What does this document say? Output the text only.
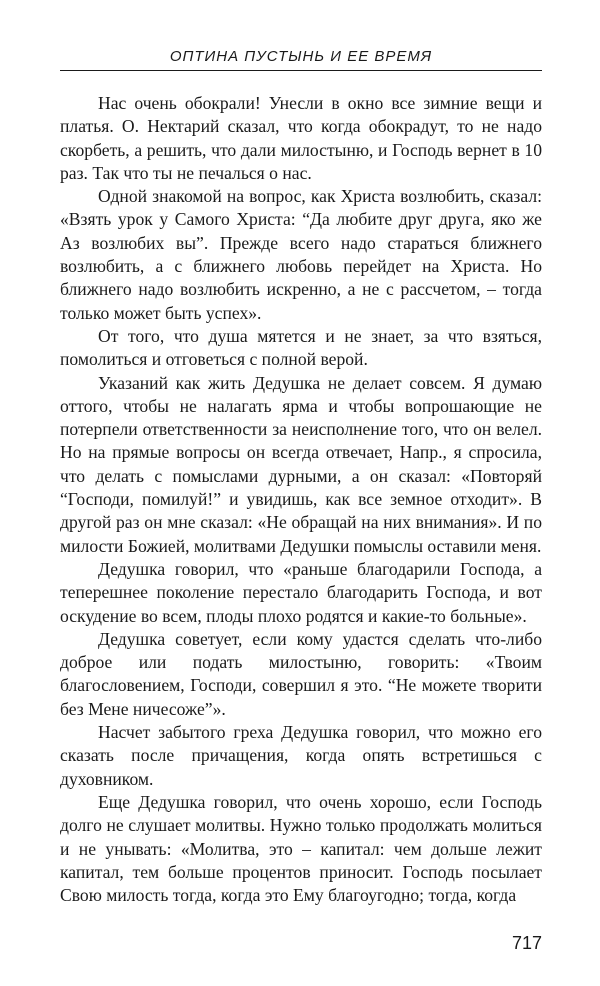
ОПТИНА ПУСТЫНЬ И ЕЕ ВРЕМЯ

Нас очень обокрали! Унесли в окно все зимние вещи и платья. О. Нектарий сказал, что когда обокрадут, то не надо скорбеть, а решить, что дали милостыню, и Господь вернет в 10 раз. Так что ты не печалься о нас.

Одной знакомой на вопрос, как Христа возлюбить, сказал: «Взять урок у Самого Христа: “Да любите друг друга, яко же Аз возлюбих вы”. Прежде всего надо стараться ближнего возлюбить, а с ближнего любовь перейдет на Христа. Но ближнего надо возлюбить искренно, а не с рассчетом, – тогда только может быть успех».

От того, что душа мятется и не знает, за что взяться, помолиться и отговеться с полной верой.

Указаний как жить Дедушка не делает совсем. Я думаю оттого, чтобы не налагать ярма и чтобы вопрошающие не потерпели ответственности за неисполнение того, что он велел. Но на прямые вопросы он всегда отвечает, Напр., я спросила, что делать с помыслами дурными, а он сказал: «Повторяй “Господи, помилуй!” и увидишь, как все земное отходит». В другой раз он мне сказал: «Не обращай на них внимания». И по милости Божией, молитвами Дедушки помыслы оставили меня.

Дедушка говорил, что «раньше благодарили Господа, а теперешнее поколение перестало благодарить Господа, и вот оскудение во всем, плоды плохо родятся и какие-то больные».

Дедушка советует, если кому удастся сделать что-либо доброе или подать милостыню, говорить: «Твоим благословением, Господи, совершил я это. “Не можете творити без Мене ничесоже”».

Насчет забытого греха Дедушка говорил, что можно его сказать после причащения, когда опять встретишься с духовником.

Еще Дедушка говорил, что очень хорошо, если Господь долго не слушает молитвы. Нужно только продолжать молиться и не унывать: «Молитва, это – капитал: чем дольше лежит капитал, тем больше процентов приносит. Господь посылает Свою милость тогда, когда это Ему благоугодно; тогда, когда

717
